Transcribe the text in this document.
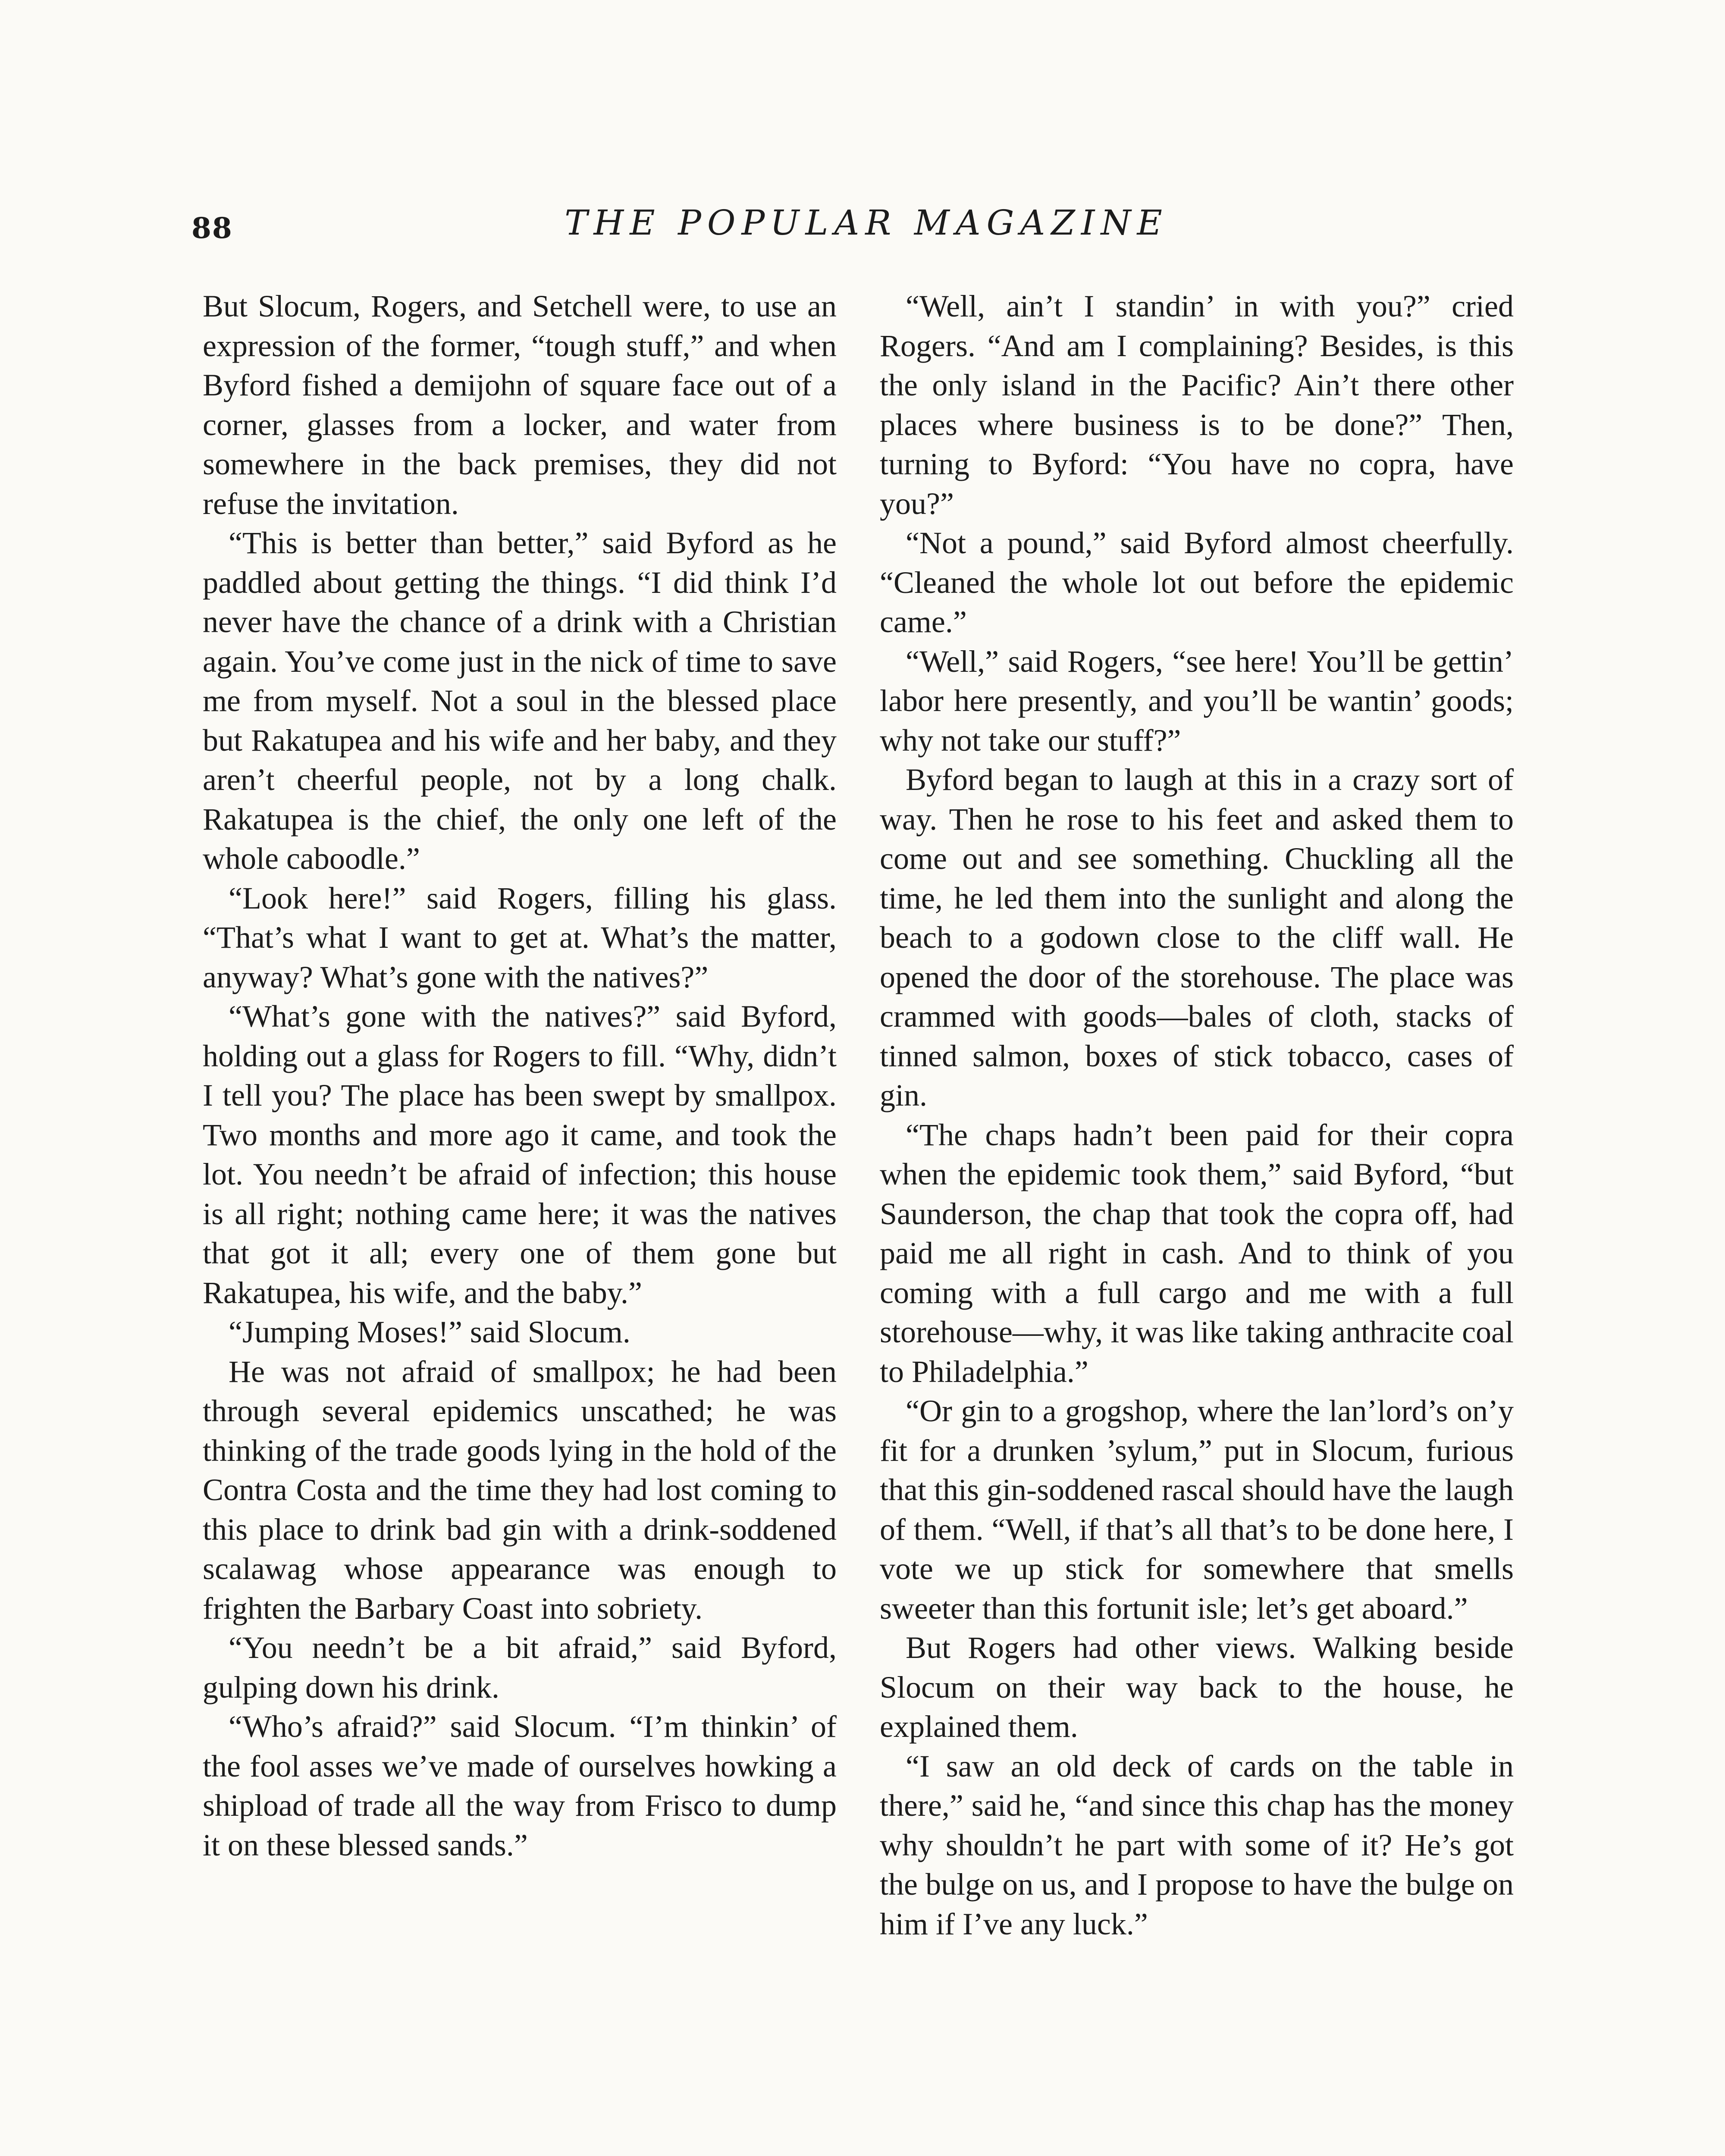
88	THE POPULAR MAGAZINE

But Slocum, Rogers, and Setchell were, to use an expression of the former, “tough stuff,” and when Byford fished a demijohn of square face out of a corner, glasses from a locker, and water from somewhere in the back premises, they did not refuse the invitation.

“This is better than better,” said Byford as he paddled about getting the things. “I did think I’d never have the chance of a drink with a Christian again. You’ve come just in the nick of time to save me from myself. Not a soul in the blessed place but Rakatupea and his wife and her baby, and they aren’t cheerful people, not by a long chalk. Rakatupea is the chief, the only one left of the whole caboodle.”

“Look here!” said Rogers, filling his glass. “That’s what I want to get at. What’s the matter, anyway? What’s gone with the natives?”

“What’s gone with the natives?” said Byford, holding out a glass for Rogers to fill. “Why, didn’t I tell you? The place has been swept by smallpox. Two months and more ago it came, and took the lot. You needn’t be afraid of infection; this house is all right; nothing came here; it was the natives that got it all; every one of them gone but Rakatupea, his wife, and the baby.”

“Jumping Moses!” said Slocum.

He was not afraid of smallpox; he had been through several epidemics unscathed; he was thinking of the trade goods lying in the hold of the Contra Costa and the time they had lost coming to this place to drink bad gin with a drink-soddened scalawag whose appearance was enough to frighten the Barbary Coast into sobriety.

“You needn’t be a bit afraid,” said Byford, gulping down his drink.

“Who’s afraid?” said Slocum. “I’m thinkin’ of the fool asses we’ve made of ourselves howking a shipload of trade all the way from Frisco to dump it on these blessed sands.”

“Well, ain’t I standin’ in with you?” cried Rogers. “And am I complaining? Besides, is this the only island in the Pacific? Ain’t there other places where business is to be done?” Then, turning to Byford: “You have no copra, have you?”

“Not a pound,” said Byford almost cheerfully. “Cleaned the whole lot out before the epidemic came.”

“Well,” said Rogers, “see here! You’ll be gettin’ labor here presently, and you’ll be wantin’ goods; why not take our stuff?”

Byford began to laugh at this in a crazy sort of way. Then he rose to his feet and asked them to come out and see something. Chuckling all the time, he led them into the sunlight and along the beach to a godown close to the cliff wall. He opened the door of the storehouse. The place was crammed with goods—bales of cloth, stacks of tinned salmon, boxes of stick tobacco, cases of gin.

“The chaps hadn’t been paid for their copra when the epidemic took them,” said Byford, “but Saunderson, the chap that took the copra off, had paid me all right in cash. And to think of you coming with a full cargo and me with a full storehouse—why, it was like taking anthracite coal to Philadelphia.”

“Or gin to a grogshop, where the lan’lord’s on’y fit for a drunken ’sylum,” put in Slocum, furious that this gin-soddened rascal should have the laugh of them. “Well, if that’s all that’s to be done here, I vote we up stick for somewhere that smells sweeter than this fortunit isle; let’s get aboard.”

But Rogers had other views. Walking beside Slocum on their way back to the house, he explained them.

“I saw an old deck of cards on the table in there,” said he, “and since this chap has the money why shouldn’t he part with some of it? He’s got the bulge on us, and I propose to have the bulge on him if I’ve any luck.”
